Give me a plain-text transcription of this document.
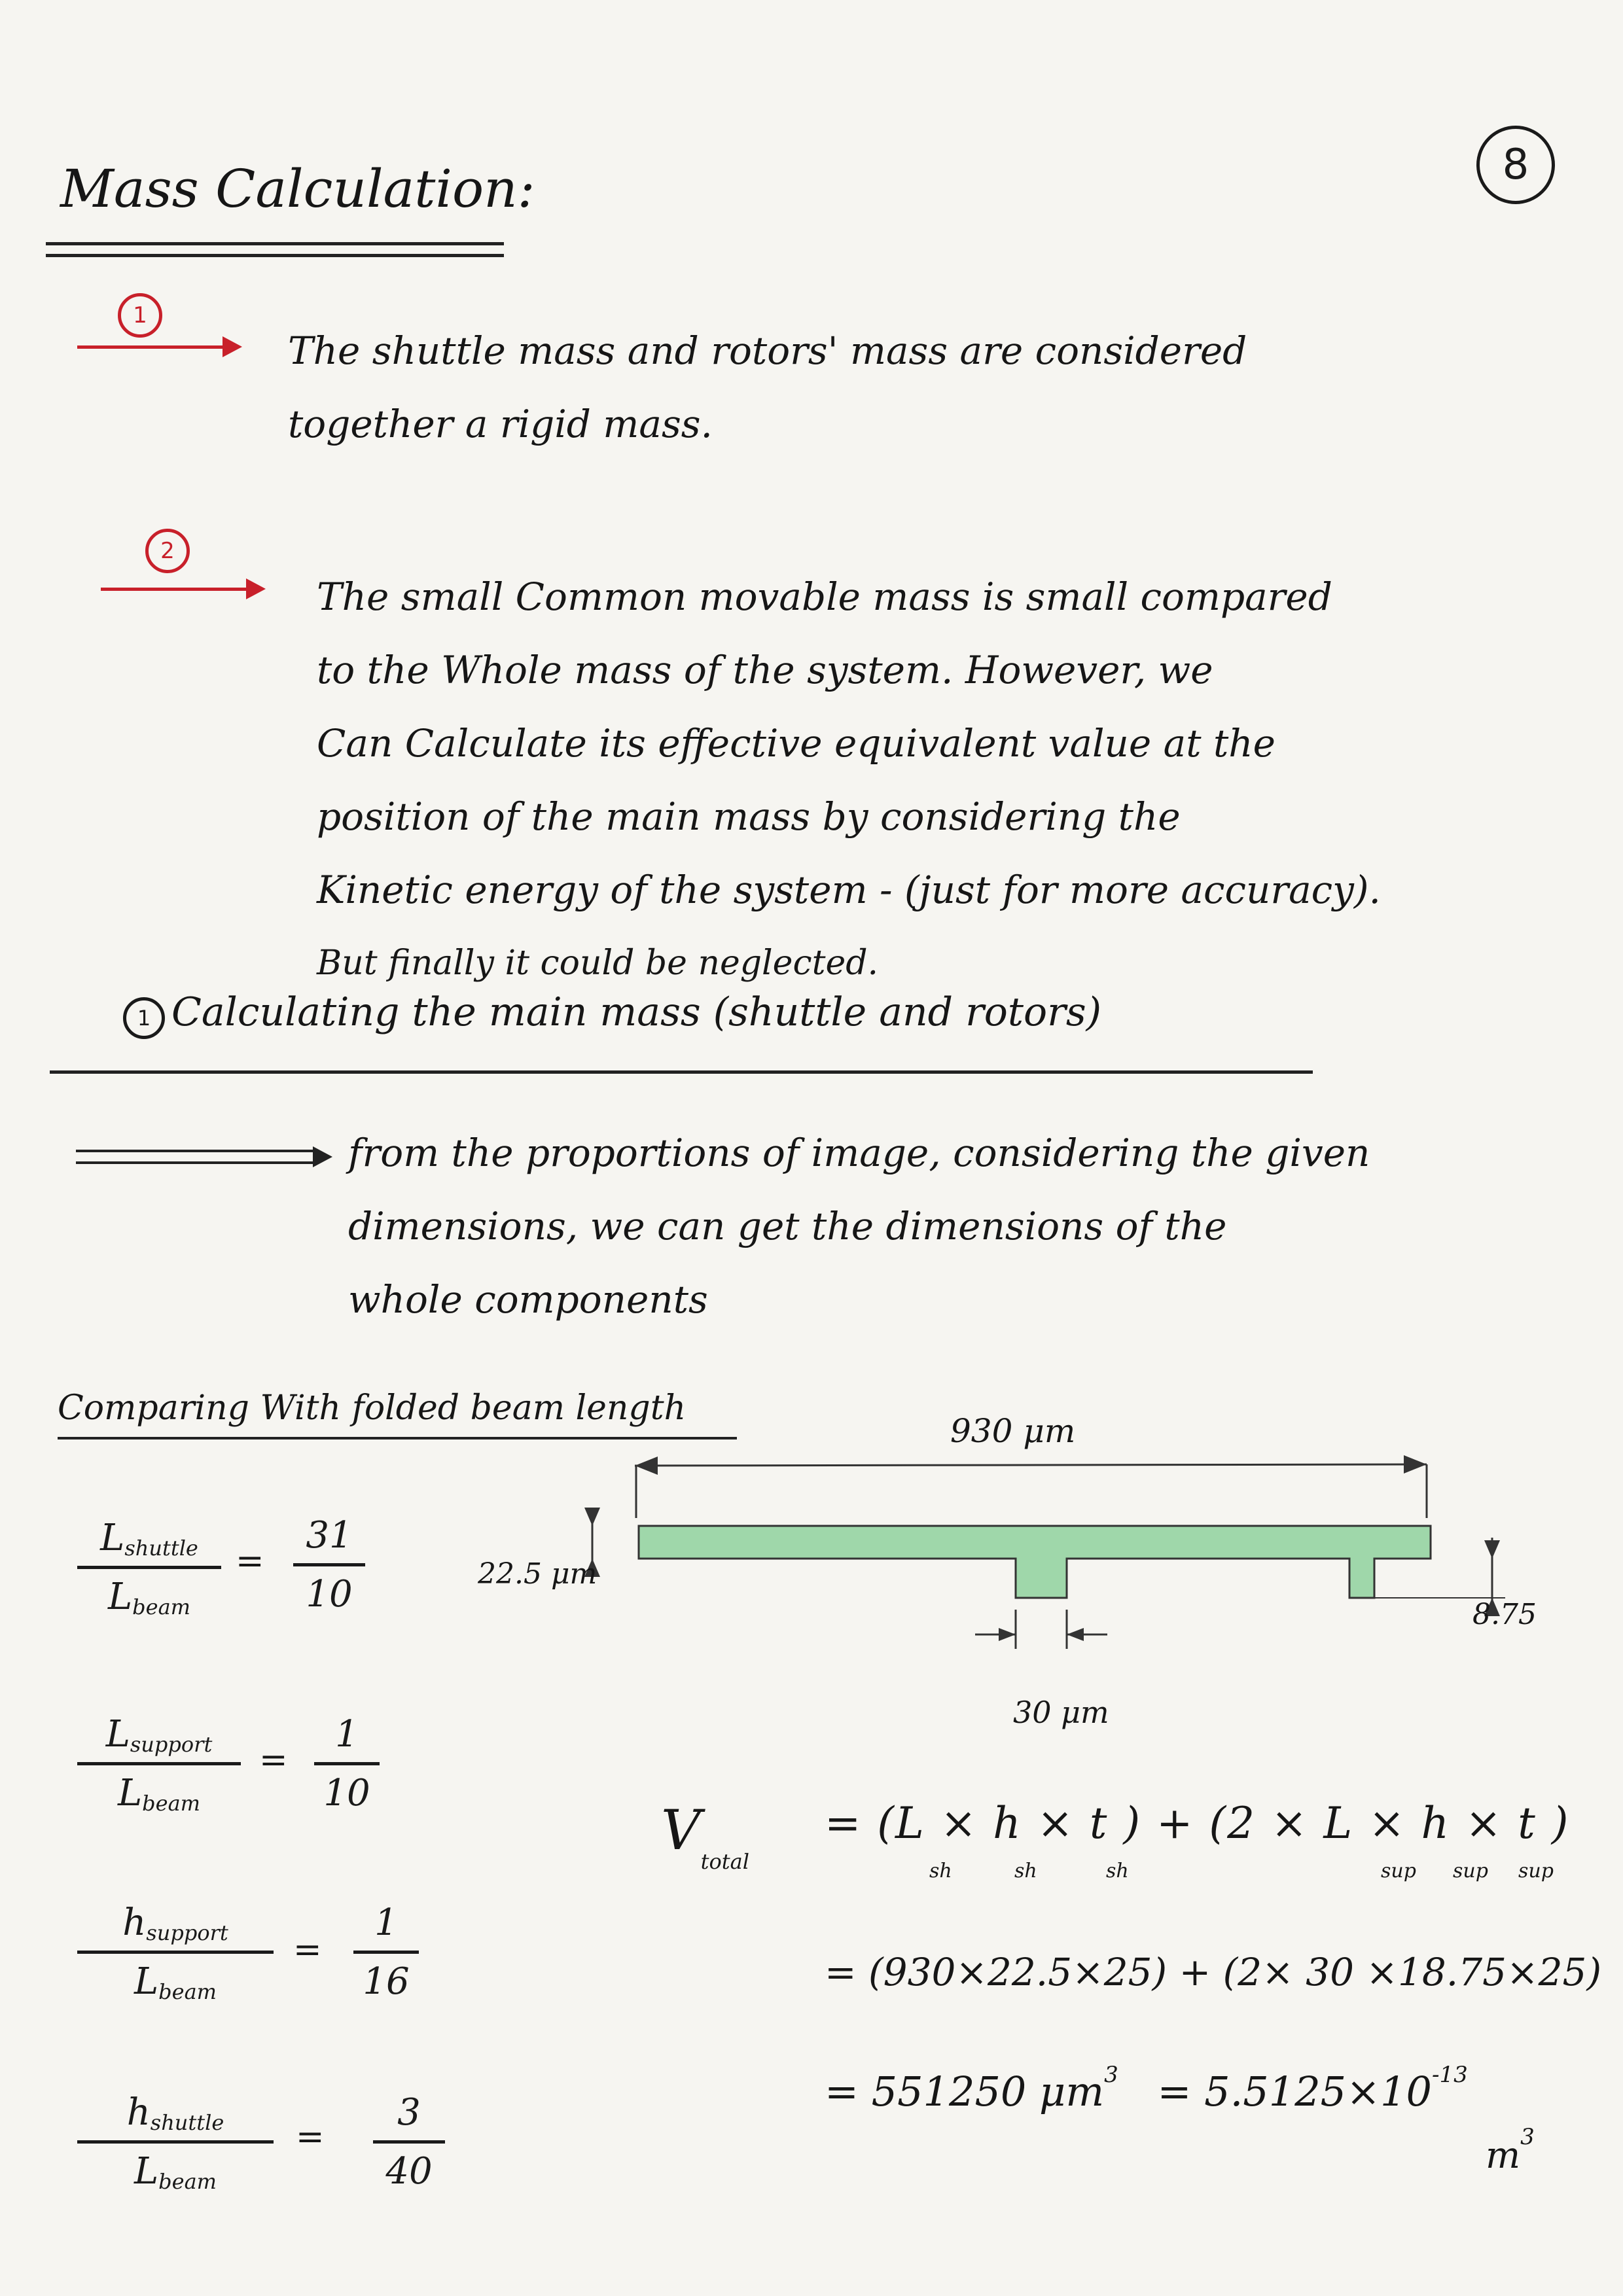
8
Mass Calculation:
1
The shuttle mass and rotors' mass are considered
together a rigid mass.
2
The small Common movable mass is small compared
to the Whole mass of the system. However, we
Can Calculate its effective equivalent value at the
position of the main mass by considering the
Kinetic energy of the system - (just for more accuracy).
But finally it could be neglected.
1 Calculating the main mass (shuttle and rotors)
from the proportions of image, considering the given
dimensions, we can get the dimensions of the
whole components
Comparing With folded beam length
Lshuttle
Lbeam
=
31
10
Lsupport
Lbeam
=
1
10
hsupport
Lbeam
=
1
16
hshuttle
Lbeam
=
3
40
930 μm
22.5 μm
8.75
30 μm
$V_{total}$
= (L × h × t ) + (2 × L × h × t )
sh	sh	sh	sup sup sup
= (930×22.5×25) + (2× 30 ×18.75×25)
= 551250 $\mu m^3 = 5.5125\times 10^{-13}$
$m^3$
